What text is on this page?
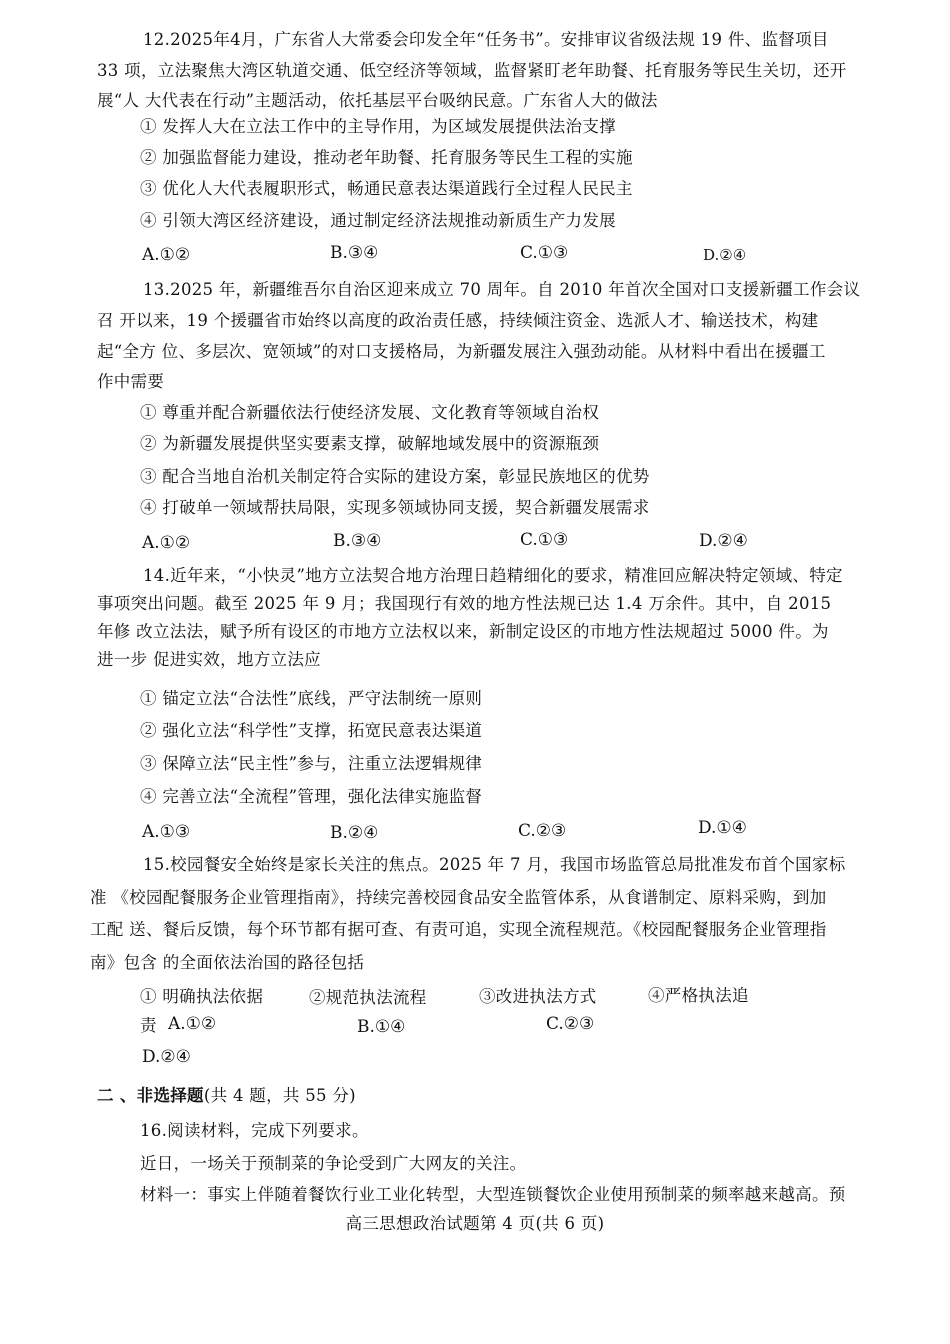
12.2025年4月，广东省人大常委会印发全年“任务书”。安排审议省级法规 19 件、监督项目
33 项，立法聚焦大湾区轨道交通、低空经济等领域，监督紧盯老年助餐、托育服务等民生关切，还开
展“人 大代表在行动”主题活动，依托基层平台吸纳民意。广东省人大的做法
① 发挥人大在立法工作中的主导作用，为区域发展提供法治支撑
② 加强监督能力建设，推动老年助餐、托育服务等民生工程的实施
③ 优化人大代表履职形式，畅通民意表达渠道践行全过程人民民主
④ 引领大湾区经济建设，通过制定经济法规推动新质生产力发展
A.①②	B.③④	C.①③	D.②④
13.2025 年，新疆维吾尔自治区迎来成立 70 周年。自 2010 年首次全国对口支援新疆工作会议
召 开以来，19 个援疆省市始终以高度的政治责任感，持续倾注资金、选派人才、输送技术，构建
起“全方 位、多层次、宽领域”的对口支援格局，为新疆发展注入强劲动能。从材料中看出在援疆工
作中需要
① 尊重并配合新疆依法行使经济发展、文化教育等领域自治权
② 为新疆发展提供坚实要素支撑，破解地域发展中的资源瓶颈
③ 配合当地自治机关制定符合实际的建设方案，彰显民族地区的优势
④ 打破单一领域帮扶局限，实现多领域协同支援，契合新疆发展需求
A.①②	B.③④	C.①③	D.②④
14.近年来，“小快灵”地方立法契合地方治理日趋精细化的要求，精准回应解决特定领域、特定
事项突出问题。截至 2025 年 9 月；我国现行有效的地方性法规已达 1.4 万余件。其中，自 2015
年修 改立法法，赋予所有设区的市地方立法权以来，新制定设区的市地方性法规超过 5000 件。为
进一步 促进实效，地方立法应
① 锚定立法“合法性”底线，严守法制统一原则
② 强化立法“科学性”支撑，拓宽民意表达渠道
③ 保障立法“民主性”参与，注重立法逻辑规律
④ 完善立法“全流程”管理，强化法律实施监督
A.①③	B.②④	C.②③	D.①④
15.校园餐安全始终是家长关注的焦点。2025 年 7 月，我国市场监管总局批准发布首个国家标
准 《校园配餐服务企业管理指南》，持续完善校园食品安全监管体系，从食谱制定、原料采购，到加
工配 送、餐后反馈，每个环节都有据可查、有责可追，实现全流程规范。《校园配餐服务企业管理指
南》包含 的全面依法治国的路径包括
① 明确执法依据	②规范执法流程	③改进执法方式	④严格执法追
责 A.①②	B.①④	C.②③
D.②④
二 、非选择题(共 4 题，共 55 分)
16.阅读材料，完成下列要求。
近日，一场关于预制菜的争论受到广大网友的关注。
材料一：事实上伴随着餐饮行业工业化转型，大型连锁餐饮企业使用预制菜的频率越来越高。预
高三思想政治试题第 4 页(共 6 页)
